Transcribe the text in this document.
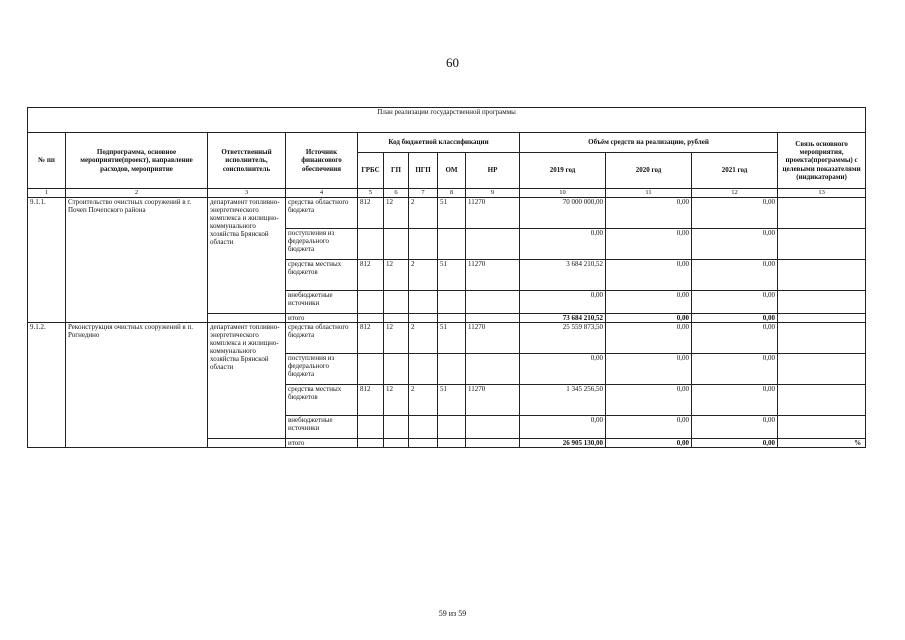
60
План реализации государственной программы												
№ пп	Подпрограмма, основное мероприятие(проект), направление расходов, мероприятие	Ответственный исполнитель, соисполнитель	Источник финансового обеспечения	Код бюджетной классификации					Объём средств на реализацию, рублей			Связь основного мероприятия, проекта(программы) с целевыми показателями (индикаторами)
				ГРБС	ГП	ПГП	ОМ	НР	2019 год	2020 год	2021 год	
1	2	3	4	5	6	7	8	9	10	11	12	13
9.1.1.	Строительство очистных сооружений в г. Почеп Почепского района	департамент топливно-энергетического комплекса и жилищно-коммунального хозяйства Брянской области	средства областного бюджета	812	12	2	51	11270	70 000 000,00	0,00	0,00	
			поступления из федерального бюджета						0,00	0,00	0,00	
			средства местных бюджетов	812	12	2	51	11270	3 684 210,52	0,00	0,00	
			внебюджетные источники						0,00	0,00	0,00	
			итого						73 684 210,52	0,00	0,00	
9.1.2.	Реконструкция очистных сооружений в п. Рогнедино	департамент топливно-энергетического комплекса и жилищно-коммунального хозяйства Брянской области	средства областного бюджета	812	12	2	51	11270	25 559 873,50	0,00	0,00	
			поступления из федерального бюджета						0,00	0,00	0,00	
			средства местных бюджетов	812	12	2	51	11270	1 345 256,50	0,00	0,00	
			внебюджетные источники						0,00	0,00	0,00	
			итого						26 905 130,00	0,00	0,00	%
59 из 59
